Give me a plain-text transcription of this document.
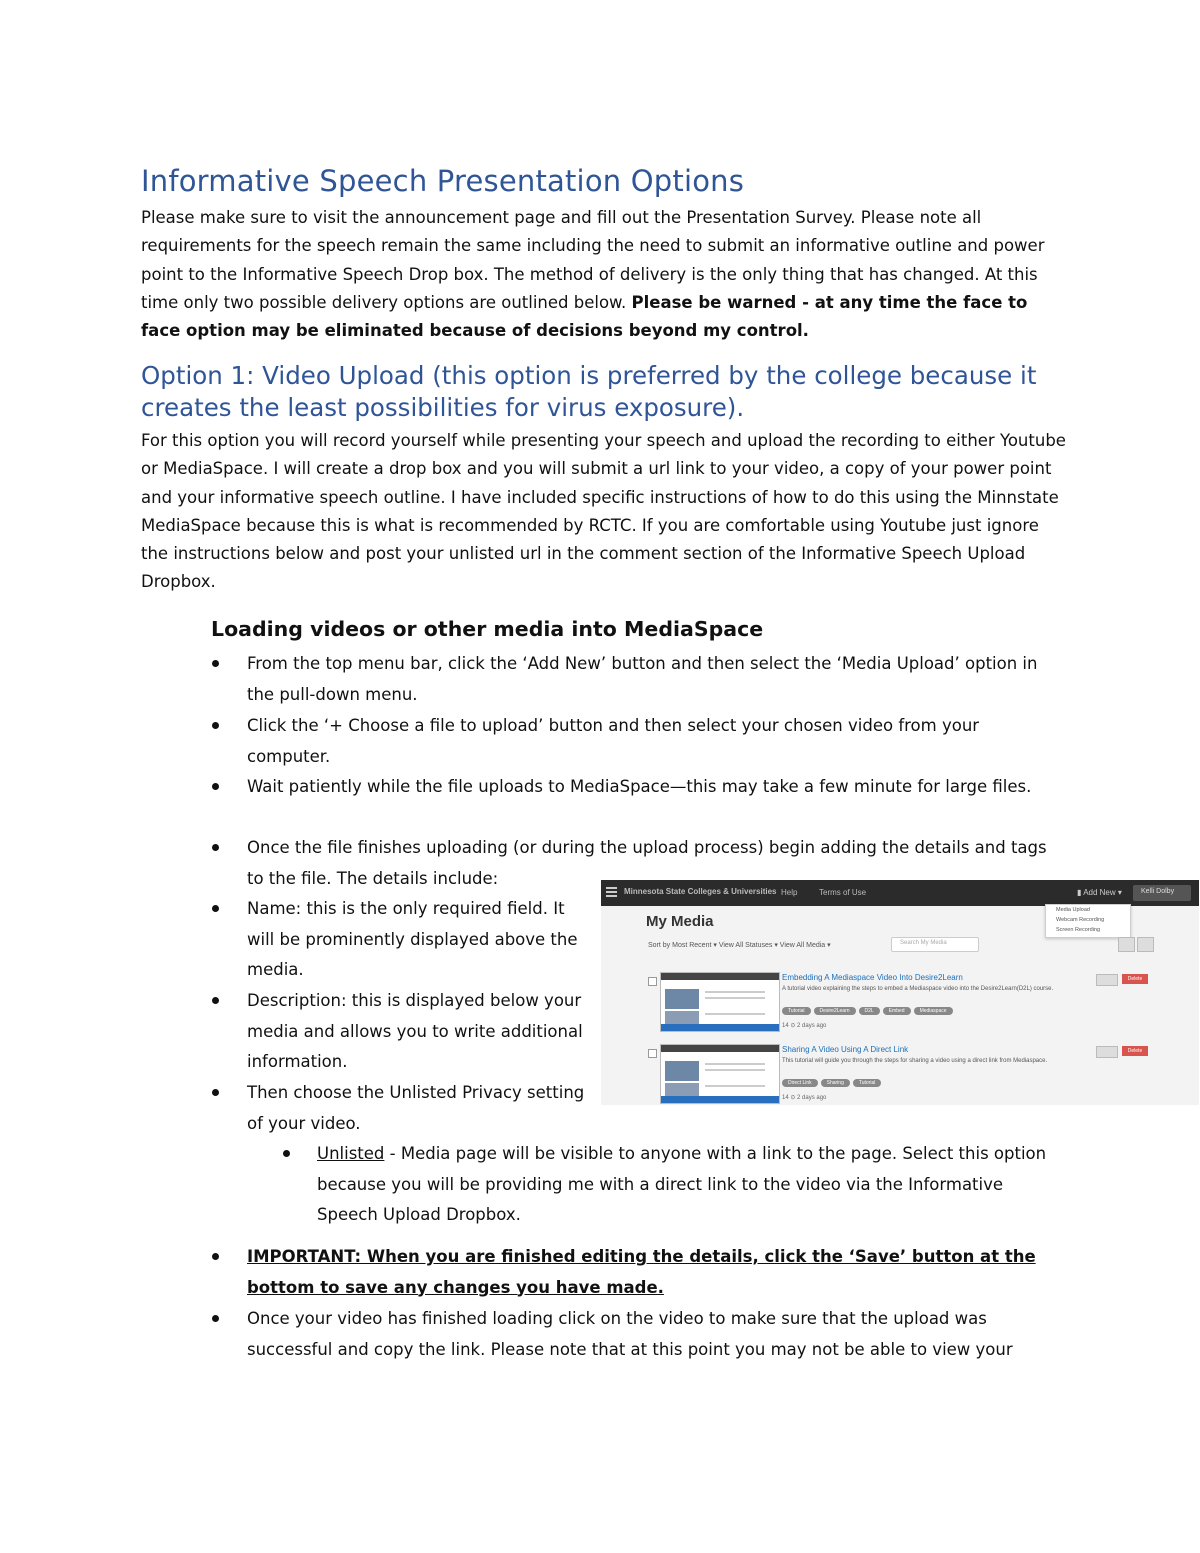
Informative Speech Presentation Options

Please make sure to visit the announcement page and fill out the Presentation Survey. Please note all requirements for the speech remain the same including the need to submit an informative outline and power point to the Informative Speech Drop box. The method of delivery is the only thing that has changed. At this time only two possible delivery options are outlined below. Please be warned - at any time the face to face option may be eliminated because of decisions beyond my control.

Option 1: Video Upload (this option is preferred by the college because it creates the least possibilities for virus exposure).

For this option you will record yourself while presenting your speech and upload the recording to either Youtube or MediaSpace. I will create a drop box and you will submit a url link to your video, a copy of your power point and your informative speech outline. I have included specific instructions of how to do this using the Minnstate MediaSpace because this is what is recommended by RCTC. If you are comfortable using Youtube just ignore the instructions below and post your unlisted url in the comment section of the Informative Speech Upload Dropbox.

Loading videos or other media into MediaSpace

From the top menu bar, click the ‘Add New’ button and then select the ‘Media Upload’ option in the pull-down menu.

Click the ‘+ Choose a file to upload’ button and then select your chosen video from your computer.

Wait patiently while the file uploads to MediaSpace—this may take a few minute for large files.

Once the file finishes uploading (or during the upload process) begin adding the details and tags to the file. The details include:

Name: this is the only required field. It will be prominently displayed above the media.

Description: this is displayed below your media and allows you to write additional information.

Then choose the Unlisted Privacy setting of your video.

Unlisted - Media page will be visible to anyone with a link to the page. Select this option because you will be providing me with a direct link to the video via the Informative Speech Upload Dropbox.

IMPORTANT: When you are finished editing the details, click the ‘Save’ button at the bottom to save any changes you have made.

Once your video has finished loading click on the video to make sure that the upload was successful and copy the link. Please note that at this point you may not be able to view your

Minnesota State Colleges & Universities Help	Terms of Use	▮ Add New ▾	Kelli Dolby
Media Upload
Webcam Recording
Screen Recording
My Media
Sort by Most Recent ▾ View All Statuses ▾ View All Media ▾	Search My Media
Embedding A Mediaspace Video Into Desire2Learn
A tutorial video explaining the steps to embed a Mediaspace video into the Desire2Learn(D2L) course.
Tutorial	Desire2Learn	D2L	Embed	Mediaspace
Delete
14 ⊙ 2 days ago
Sharing A Video Using A Direct Link
This tutorial will guide you through the steps for sharing a video using a direct link from Mediaspace.
Direct Link	Sharing	Tutorial
Delete
14 ⊙ 2 days ago
